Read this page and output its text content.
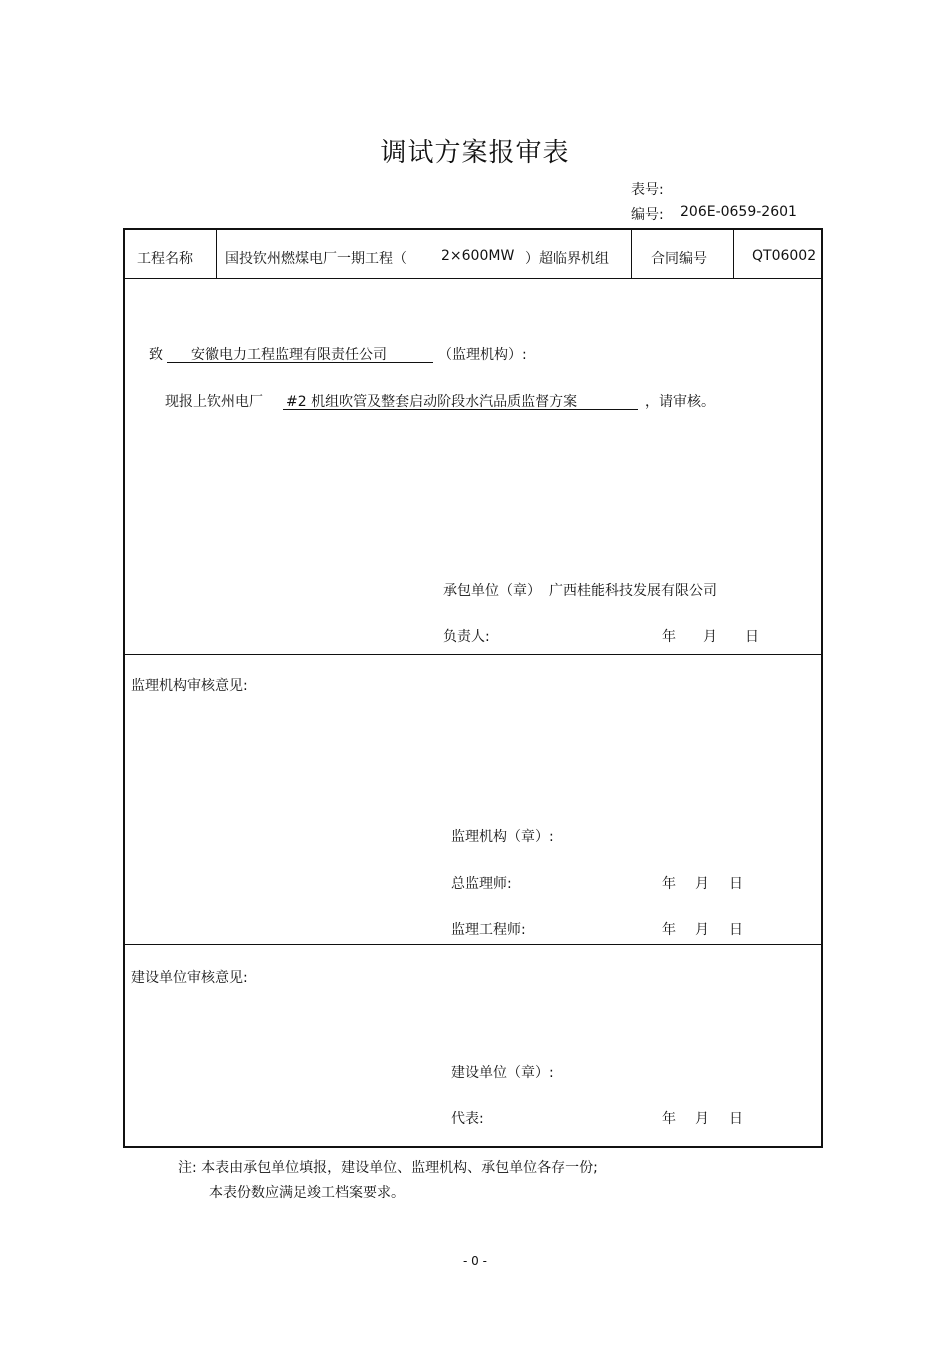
调试方案报审表
表号:
编号: 206E-0659-2601
工程名称 国投钦州燃煤电厂一期工程（ 2×600MW ）超临界机组	合同编号	QT06002
致 安徽电力工程监理有限责任公司	（监理机构）:
现报上钦州电厂 #2 机组吹管及整套启动阶段水汽品质监督方案	，请审核。
承包单位（章） 广西桂能科技发展有限公司
负责人:	年 月 日
监理机构审核意见:
监理机构（章）:
总监理师:	年 月 日
监理工程师:	年 月 日
建设单位审核意见:
建设单位（章）:
代表:	年 月 日
注: 本表由承包单位填报，建设单位、监理机构、承包单位各存一份;
本表份数应满足竣工档案要求。
- 0 -
